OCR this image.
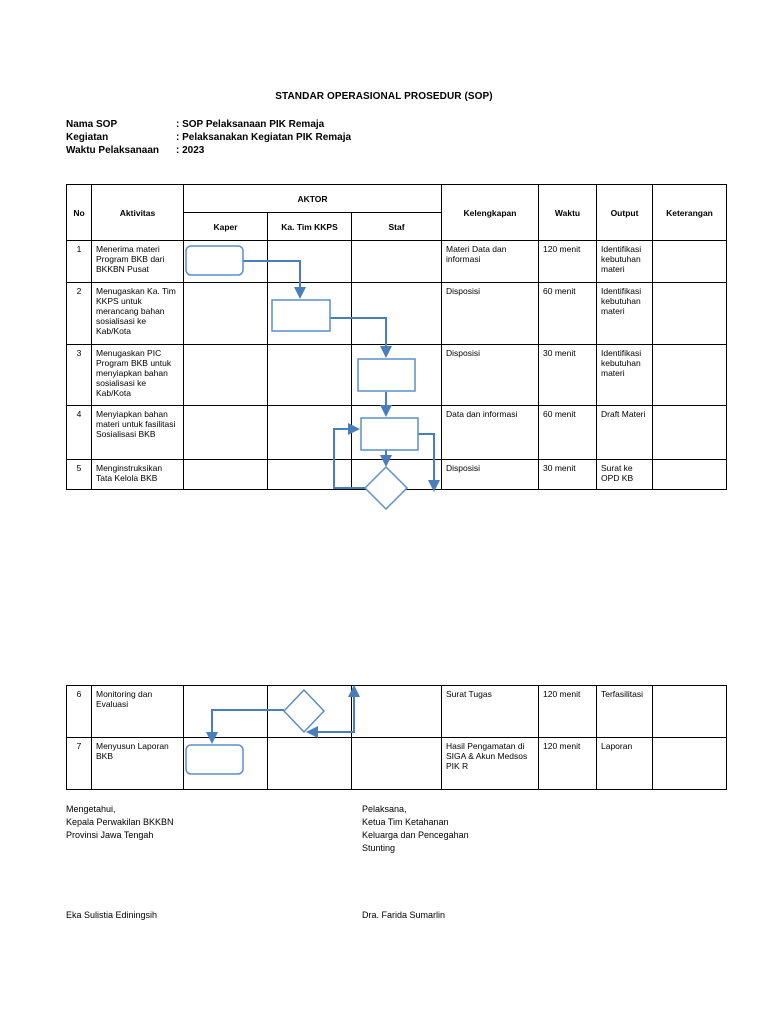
STANDAR OPERASIONAL PROSEDUR (SOP)
Nama SOP	: SOP Pelaksanaan PIK Remaja
Kegiatan	: Pelaksanakan Kegiatan PIK Remaja
Waktu Pelaksanaan : 2023
No	Aktivitas	AKTOR			Kelengkapan	Waktu	Output	Keterangan
		Kaper	Ka. Tim KKPS	Staf				
1	Menerima materi Program BKB dari BKKBN Pusat				Materi Data dan informasi	120 menit	Identifikasi kebutuhan materi	
2	Menugaskan Ka. Tim KKPS untuk merancang bahan sosialisasi ke Kab/Kota				Disposisi	60 menit	Identifikasi kebutuhan materi	
3	Menugaskan PIC Program BKB untuk menyiapkan bahan sosialisasi ke Kab/Kota				Disposisi	30 menit	Identifikasi kebutuhan materi	
4	Menyiapkan bahan materi untuk fasilitasi Sosialisasi BKB				Data dan informasi	60 menit	Draft Materi	
5	Menginstruksikan Tata Kelola BKB				Disposisi	30 menit	Surat ke OPD KB	
6	Monitoring dan Evaluasi				Surat Tugas	120 menit	Terfasilitasi	
7	Menyusun Laporan BKB				Hasil Pengamatan di SIGA & Akun Medsos PIK R	120 menit	Laporan	
Mengetahui,
Kepala Perwakilan BKKBN
Provinsi Jawa Tengah
Eka Sulistia Ediningsih
Pelaksana,
Ketua Tim Ketahanan
Keluarga dan Pencegahan
Stunting
Dra. Farida Sumarlin
